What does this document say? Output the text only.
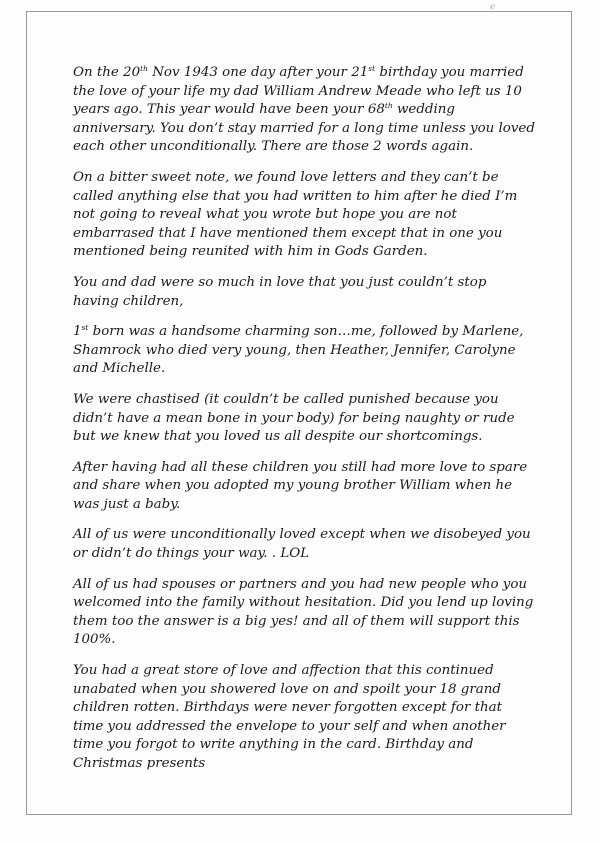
ℯ

On the 20th Nov 1943 one day after your 21st birthday you married the love of your life my dad William Andrew Meade who left us 10 years ago. This year would have been your 68th wedding anniversary. You don’t stay married for a long time unless you loved each other unconditionally. There are those 2 words again.

On a bitter sweet note, we found love letters and they can’t be called anything else that you had written to him after he died I’m not going to reveal what you wrote but hope you are not embarrased that I have mentioned them except that in one you mentioned being reunited with him in Gods Garden.

You and dad were so much in love that you just couldn’t stop having children,

1st born was a handsome charming son…me, followed by Marlene, Shamrock who died very young, then Heather, Jennifer, Carolyne and Michelle.

We were chastised (it couldn’t be called punished because you didn’t have a mean bone in your body) for being naughty or rude but we knew that you loved us all despite our shortcomings.

After having had all these children you still had more love to spare and share when you adopted my young brother William when he was just a baby.

All of us were unconditionally loved except when we disobeyed you or didn’t do things your way. . LOL

All of us had spouses or partners and you had new people who you welcomed into the family without hesitation. Did you lend up loving them too the answer is a big yes! and all of them will support this 100%.

You had a great store of love and affection that this continued unabated when you showered love on and spoilt your 18 grand children rotten. Birthdays were never forgotten except for that time you addressed the envelope to your self and when another time you forgot to write anything in the card. Birthday and Christmas presents
